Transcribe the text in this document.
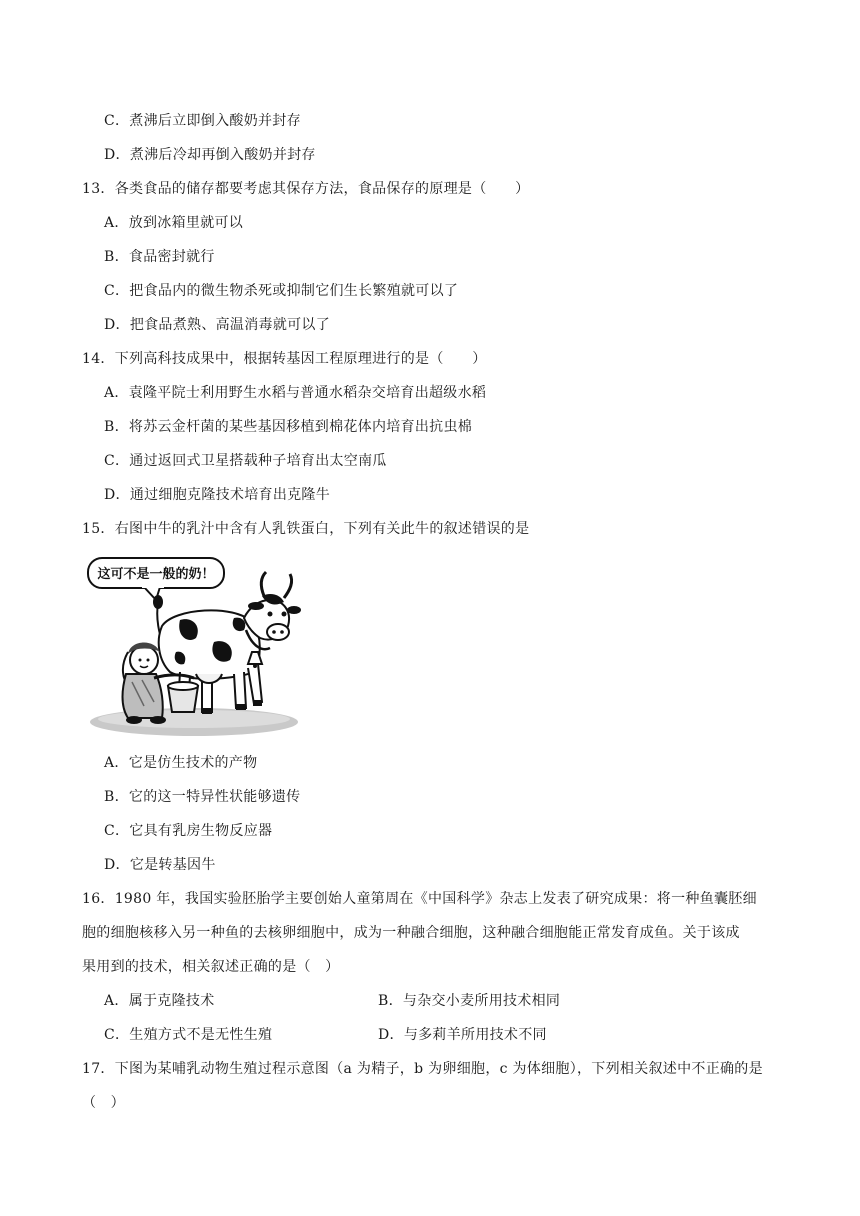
C．煮沸后立即倒入酸奶并封存
D．煮沸后冷却再倒入酸奶并封存
13．各类食品的储存都要考虑其保存方法，食品保存的原理是（　　）
A．放到冰箱里就可以
B．食品密封就行
C．把食品内的微生物杀死或抑制它们生长繁殖就可以了
D．把食品煮熟、高温消毒就可以了
14．下列高科技成果中，根据转基因工程原理进行的是（　　）
A．袁隆平院士利用野生水稻与普通水稻杂交培育出超级水稻
B．将苏云金杆菌的某些基因移植到棉花体内培育出抗虫棉
C．通过返回式卫星搭载种子培育出太空南瓜
D．通过细胞克隆技术培育出克隆牛
15．右图中牛的乳汁中含有人乳铁蛋白，下列有关此牛的叙述错误的是
这可不是一般的奶！
A．它是仿生技术的产物
B．它的这一特异性状能够遗传
C．它具有乳房生物反应器
D．它是转基因牛
16．1980 年，我国实验胚胎学主要创始人童第周在《中国科学》杂志上发表了研究成果：将一种鱼囊胚细
胞的细胞核移入另一种鱼的去核卵细胞中，成为一种融合细胞，这种融合细胞能正常发育成鱼。关于该成
果用到的技术，相关叙述正确的是（　）
A．属于克隆技术	B．与杂交小麦所用技术相同
C．生殖方式不是无性生殖	D．与多莉羊所用技术不同
17．下图为某哺乳动物生殖过程示意图（a 为精子，b 为卵细胞，c 为体细胞），下列相关叙述中不正确的是
（　）
